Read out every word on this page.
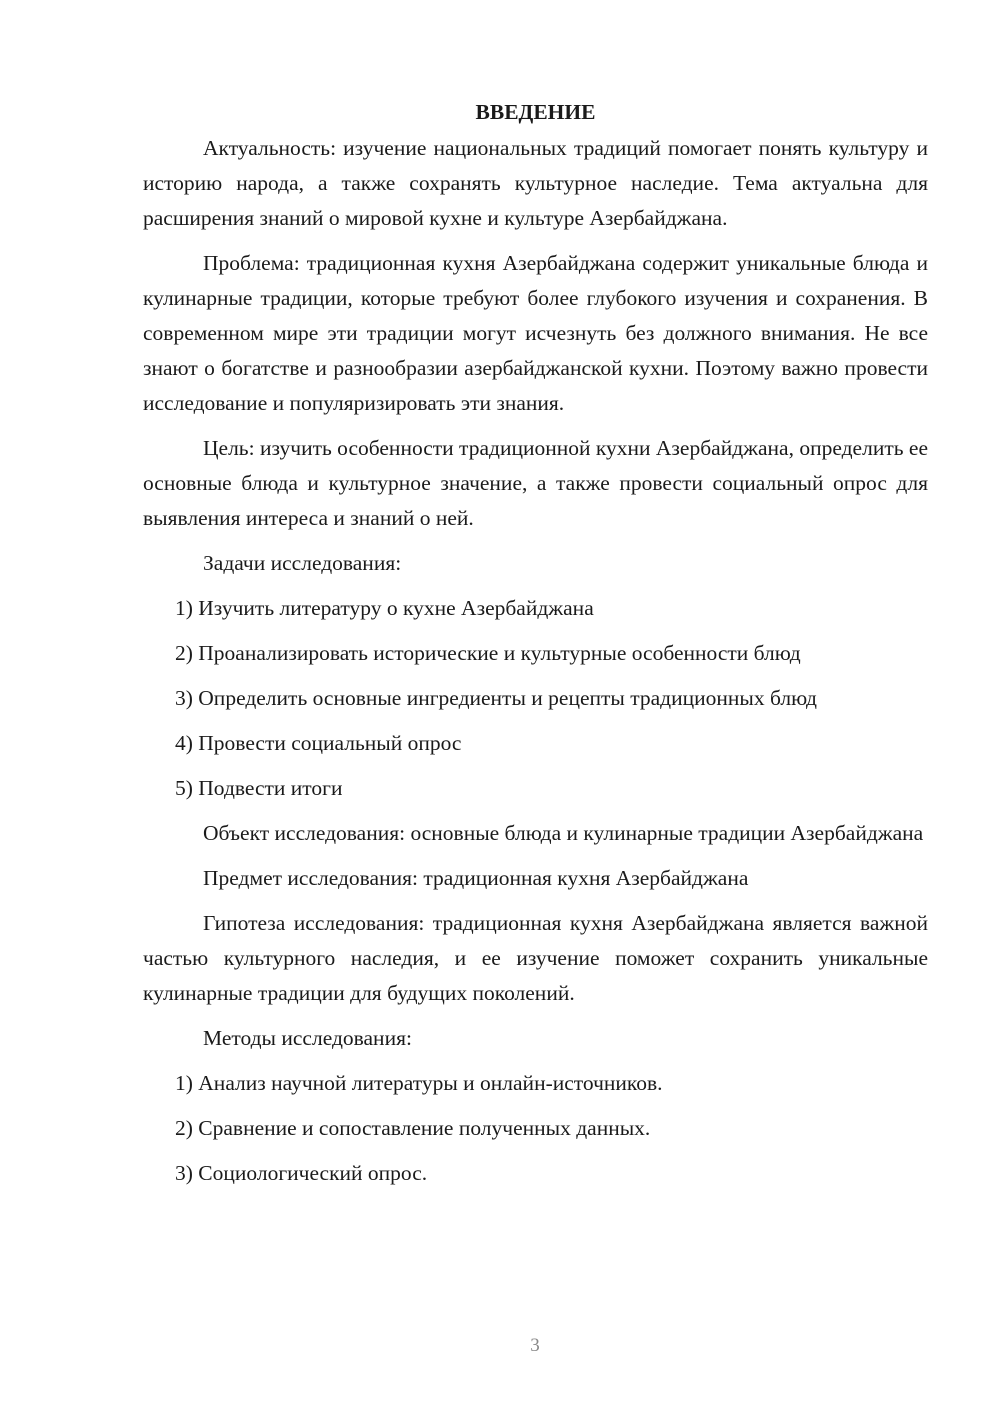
ВВЕДЕНИЕ

Актуальность: изучение национальных традиций помогает понять культуру и историю народа, а также сохранять культурное наследие. Тема актуальна для расширения знаний о мировой кухне и культуре Азербайджана.

Проблема: традиционная кухня Азербайджана содержит уникальные блюда и кулинарные традиции, которые требуют более глубокого изучения и сохранения. В современном мире эти традиции могут исчезнуть без должного внимания. Не все знают о богатстве и разнообразии азербайджанской кухни. Поэтому важно провести исследование и популяризировать эти знания.

Цель: изучить особенности традиционной кухни Азербайджана, определить ее основные блюда и культурное значение, а также провести социальный опрос для выявления интереса и знаний о ней.

Задачи исследования:
1) Изучить литературу о кухне Азербайджана
2) Проанализировать исторические и культурные особенности блюд
3) Определить основные ингредиенты и рецепты традиционных блюд
4) Провести социальный опрос
5) Подвести итоги

Объект исследования: основные блюда и кулинарные традиции Азербайджана

Предмет исследования: традиционная кухня Азербайджана

Гипотеза исследования: традиционная кухня Азербайджана является важной частью культурного наследия, и ее изучение поможет сохранить уникальные кулинарные традиции для будущих поколений.

Методы исследования:
1) Анализ научной литературы и онлайн-источников.
2) Сравнение и сопоставление полученных данных.
3) Социологический опрос.
3
